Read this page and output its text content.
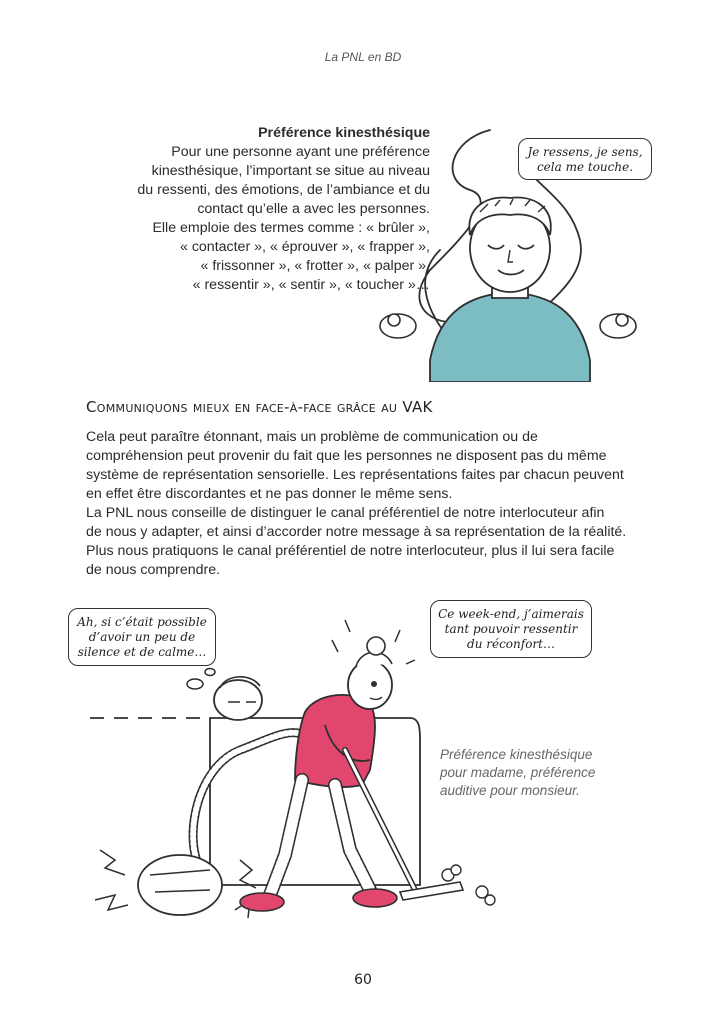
La PNL en BD
Préférence kinesthésique

Pour une personne ayant une préférence

kinesthésique, l’important se situe au niveau

du ressenti, des émotions, de l’ambiance et du

contact qu’elle a avec les personnes.

Elle emploie des termes comme : « brûler »,

« contacter », « éprouver », « frapper »,

« frissonner », « frotter », « palper »,

« ressentir », « sentir », « toucher »…

Je ressens, je sens,
cela me touche.
Communiquons mieux en face-à-face grâce au VAK

Cela peut paraître étonnant, mais un problème de communication ou de

compréhension peut provenir du fait que les personnes ne disposent pas du même

système de représentation sensorielle. Les représentations faites par chacun peuvent

en effet être discordantes et ne pas donner le même sens.

La PNL nous conseille de distinguer le canal préférentiel de notre interlocuteur afin

de nous y adapter, et ainsi d’accorder notre message à sa représentation de la réalité.

Plus nous pratiquons le canal préférentiel de notre interlocuteur, plus il lui sera facile

de nous comprendre.

Ah, si c’était possible
d’avoir un peu de
silence et de calme…
Ce week-end, j’aimerais
tant pouvoir ressentir
du réconfort…
Préférence kinesthésique
pour madame, préférence
auditive pour monsieur.
60
